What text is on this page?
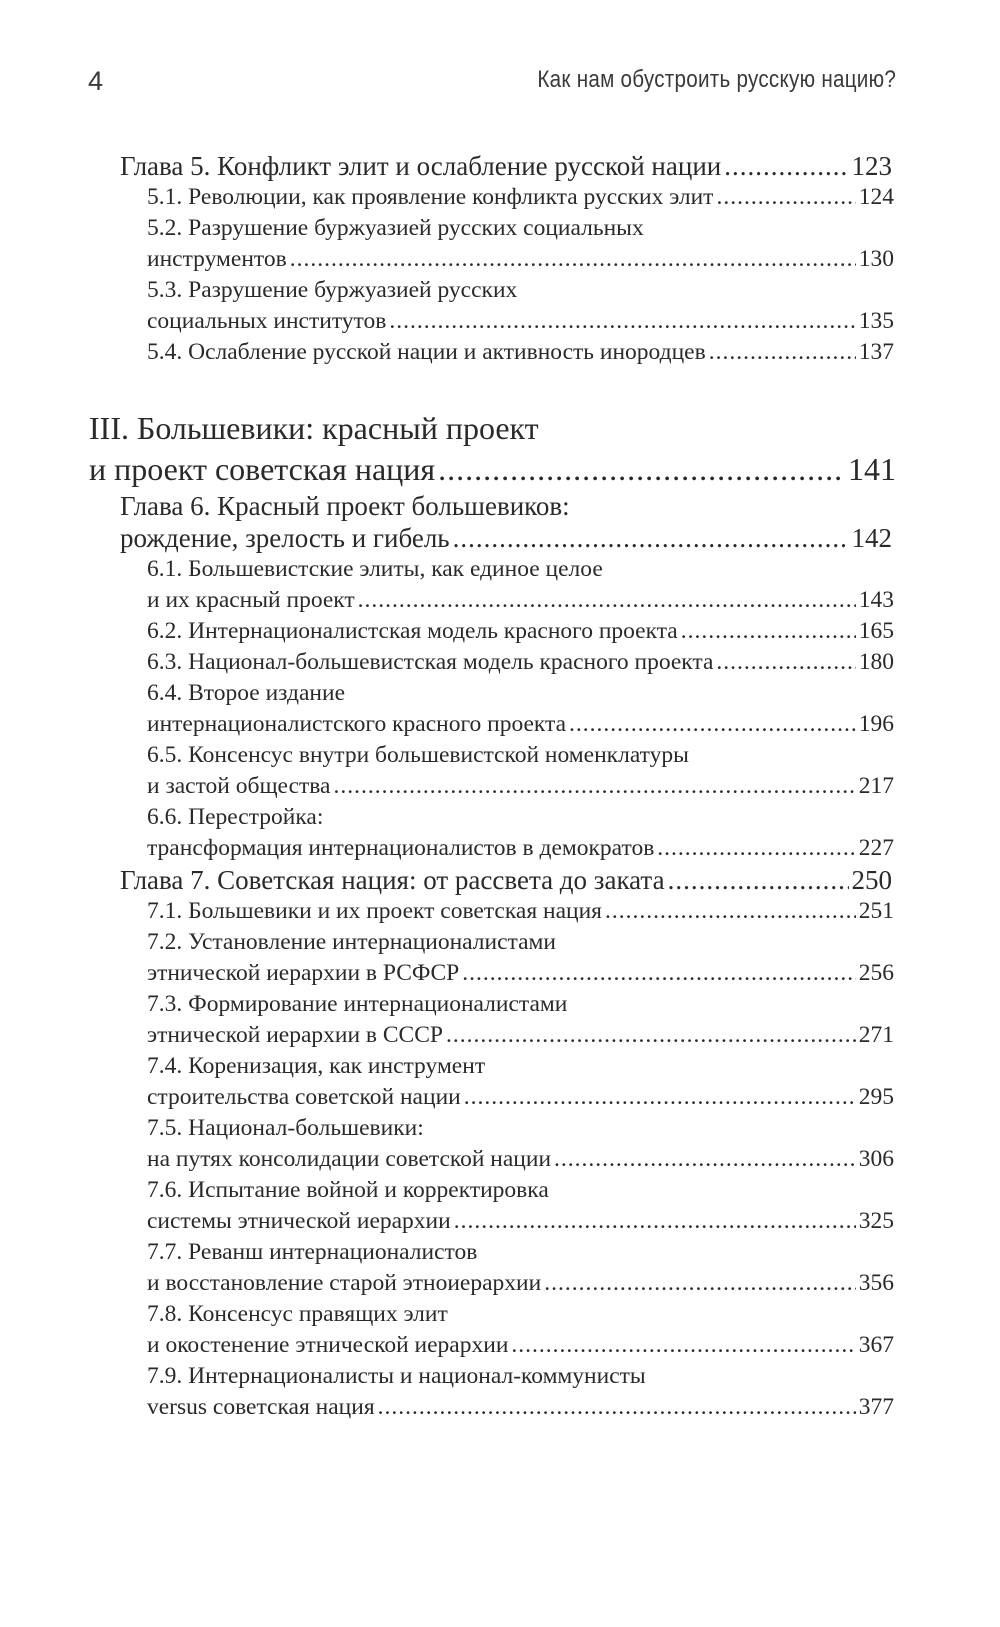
4	Как нам обустроить русскую нацию?
Глава 5. Конфликт элит и ослабление русской нации .....	123
5.1. Революции, как проявление конфликта русских элит .....	124
5.2. Разрушение буржуазией русских социальных
инструментов .....	130
5.3. Разрушение буржуазией русских
социальных институтов .....	135
5.4. Ослабление русской нации и активность инородцев .....	137
III. Большевики: красный проект
и проект советская нация .....	141
Глава 6. Красный проект большевиков:
рождение, зрелость и гибель .....	142
6.1. Большевистские элиты, как единое целое
и их красный проект .....	143
6.2. Интернационалистская модель красного проекта .....	165
6.3. Национал-большевистская модель красного проекта .....	180
6.4. Второе издание
интернационалистского красного проекта .....	196
6.5. Консенсус внутри большевистской номенклатуры
и застой общества .....	217
6.6. Перестройка:
трансформация интернационалистов в демократов .....	227
Глава 7. Советская нация: от рассвета до заката .....	250
7.1. Большевики и их проект советская нация .....	251
7.2. Установление интернационалистами
этнической иерархии в РСФСР .....	256
7.3. Формирование интернационалистами
этнической иерархии в СССР .....	271
7.4. Коренизация, как инструмент
строительства советской нации .....	295
7.5. Национал-большевики:
на путях консолидации советской нации .....	306
7.6. Испытание войной и корректировка
системы этнической иерархии .....	325
7.7. Реванш интернационалистов
и восстановление старой этноиерархии .....	356
7.8. Консенсус правящих элит
и окостенение этнической иерархии .....	367
7.9. Интернационалисты и национал-коммунисты
versus советская нация .....	377
